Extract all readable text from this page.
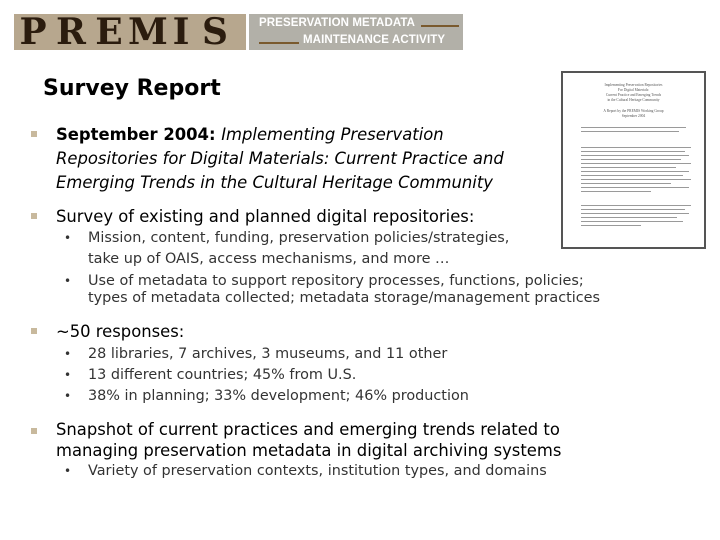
P R E M I S	PRESERVATION METADATA
MAINTENANCE ACTIVITY
Survey Report	Implementing Preservation Repositories
For Digital Materials:
Current Practice and Emerging Trends
in the Cultural Heritage Community
A Report by the PREMIS Working Group
September 2004
September 2004: Implementing Preservation
Repositories for Digital Materials: Current Practice and
Emerging Trends in the Cultural Heritage Community
Survey of existing and planned digital repositories:
• Mission, content, funding, preservation policies/strategies,
take up of OAIS, access mechanisms, and more …
• Use of metadata to support repository processes, functions, policies;
types of metadata collected; metadata storage/management practices
~50 responses:
• 28 libraries, 7 archives, 3 museums, and 11 other
• 13 different countries; 45% from U.S.
• 38% in planning; 33% development; 46% production
Snapshot of current practices and emerging trends related to
managing preservation metadata in digital archiving systems
• Variety of preservation contexts, institution types, and domains
